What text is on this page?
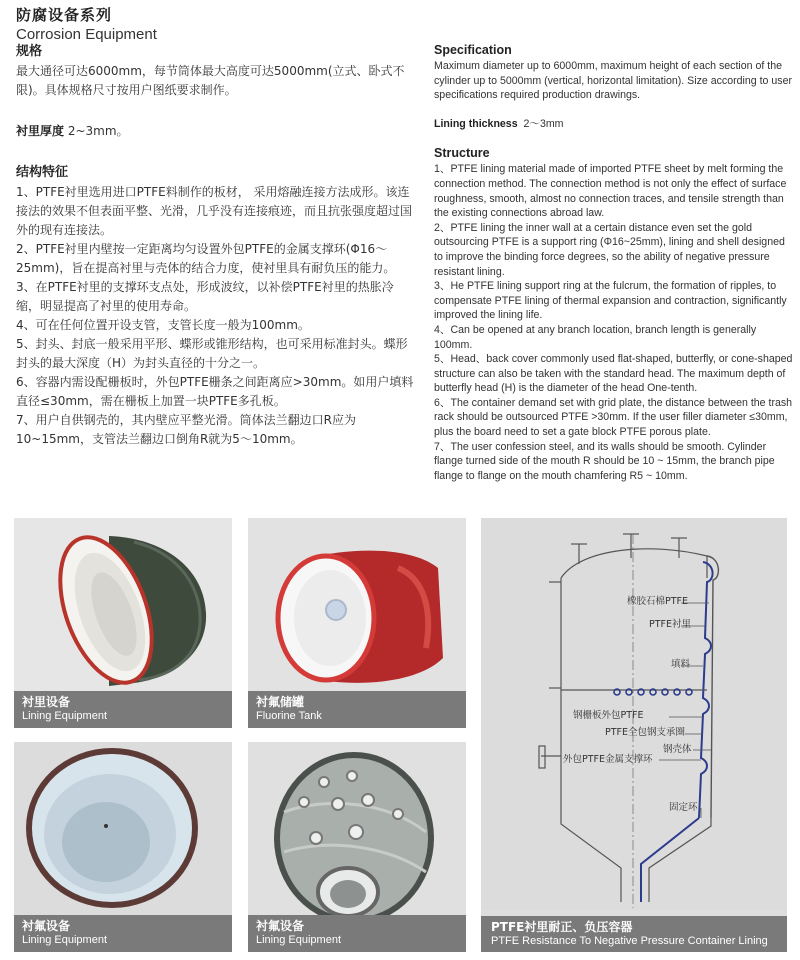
防腐设备系列
Corrosion Equipment
规格
最大通径可达6000mm，每节筒体最大高度可达5000mm(立式、卧式不限)。具体规格尺寸按用户图纸要求制作。
衬里厚度 2~3mm。
结构特征
1、PTFE衬里选用进口PTFE料制作的板材， 采用熔融连接方法成形。该连接法的效果不但表面平整、光滑，几乎没有连接痕迹，而且抗张强度超过国外的现有连接法。
2、PTFE衬里内壁按一定距离均匀设置外包PTFE的金属支撑环(Φ16～25mm)，旨在提高衬里与壳体的结合力度，使衬里具有耐负压的能力。
3、在PTFE衬里的支撑环支点处，形成波纹，以补偿PTFE衬里的热胀冷缩，明显提高了衬里的使用寿命。
4、可在任何位置开设支管，支管长度一般为100mm。
5、封头、封底一般采用平形、蝶形或锥形结构，也可采用标准封头。蝶形封头的最大深度（H）为封头直径的十分之一。
6、容器内需设配栅板时，外包PTFE栅条之间距离应>30mm。如用户填料直径≤30mm，需在栅板上加置一块PTFE多孔板。
7、用户自供钢壳的，其内壁应平整光滑。筒体法兰翻边口R应为10~15mm，支管法兰翻边口倒角R就为5～10mm。
Specification
Maximum diameter up to 6000mm, maximum height of each section of the cylinder up to 5000mm (vertical, horizontal limitation). Size according to user specifications required production drawings.
Lining thickness 2～3mm
Structure
1、PTFE lining material made of imported PTFE sheet by melt forming the connection method. The connection method is not only the effect of surface roughness, smooth, almost no connection traces, and tensile strength than the existing connections abroad law.
2、PTFE lining the inner wall at a certain distance even set the gold outsourcing PTFE is a support ring (Φ16~25mm), lining and shell designed to improve the binding force degrees, so the ability of negative pressure resistant lining.
3、He PTFE lining support ring at the fulcrum, the formation of ripples, to compensate PTFE lining of thermal expansion and contraction, significantly improved the lining life.
4、Can be opened at any branch location, branch length is generally 100mm.
5、Head、back cover commonly used flat-shaped, butterfly, or cone-shaped structure can also be taken with the standard head. The maximum depth of butterfly head (H) is the diameter of the head One-tenth.
6、The container demand set with grid plate, the distance between the trash rack should be outsourced PTFE >30mm. If the user filler diameter ≤30mm, plus the board need to set a gate block PTFE porous plate.
7、The user confession steel, and its walls should be smooth. Cylinder flange turned side of the mouth R should be 10 ~ 15mm, the branch pipe flange to flange on the mouth chamfering R5 ~ 10mm.
衬里设备
Lining Equipment
衬氟储罐
Fluorine Tank
衬氟设备
Lining Equipment
衬氟设备
Lining Equipment
橡胶石棉PTFE
PTFE衬里
填料
钢栅板外包PTFE
PTFE全包钢支承圈
钢壳体
外包PTFE金属支撑环
固定环
PTFE衬里耐正、负压容器
PTFE Resistance To Negative Pressure Container Lining
